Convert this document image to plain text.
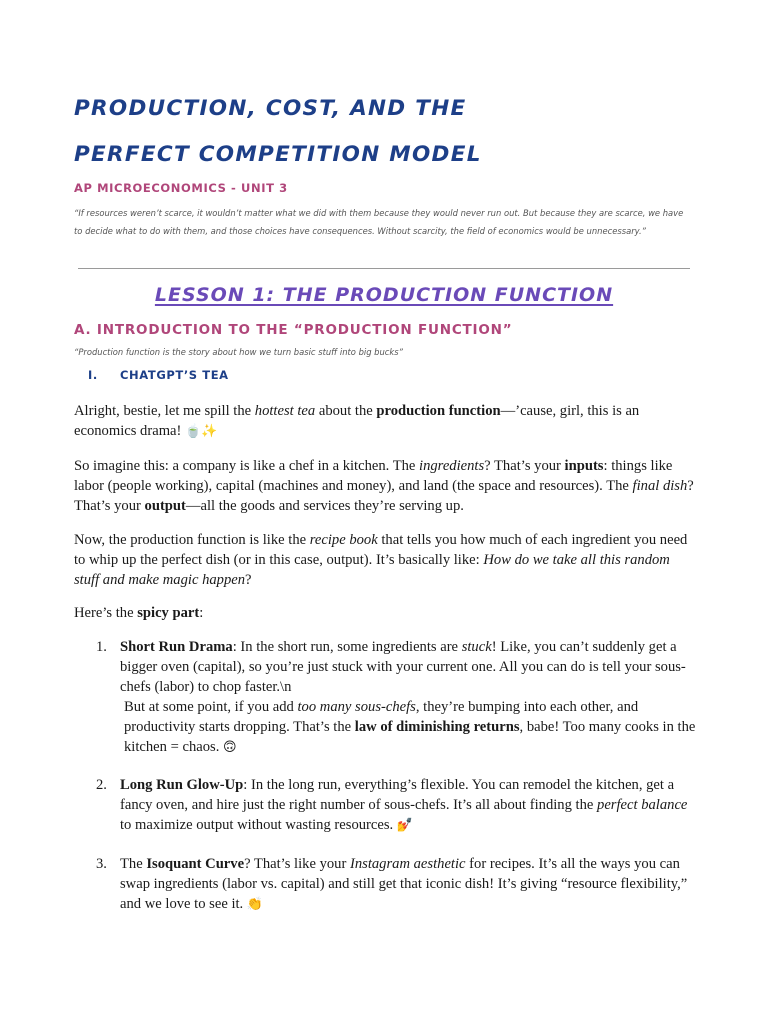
PRODUCTION, COST, AND THE
PERFECT COMPETITION MODEL

AP MICROECONOMICS - UNIT 3

“If resources weren’t scarce, it wouldn’t matter what we did with them because they would never run out. But because they are scarce, we have to decide what to do with them, and those choices have consequences. Without scarcity, the field of economics would be unnecessary.”

LESSON 1: THE PRODUCTION FUNCTION
A. INTRODUCTION TO THE “PRODUCTION FUNCTION”

“Production function is the story about how we turn basic stuff into big bucks”

I. CHATGPT’S TEA

Alright, bestie, let me spill the hottest tea about the production function—’cause, girl, this is an economics drama! 🍵✨

So imagine this: a company is like a chef in a kitchen. The ingredients? That’s your inputs: things like labor (people working), capital (machines and money), and land (the space and resources). The final dish? That’s your output—all the goods and services they’re serving up.

Now, the production function is like the recipe book that tells you how much of each ingredient you need to whip up the perfect dish (or in this case, output). It’s basically like: How do we take all this random stuff and make magic happen?

Here’s the spicy part:

1. Short Run Drama: In the short run, some ingredients are stuck! Like, you can’t suddenly get a bigger oven (capital), so you’re just stuck with your current one. All you can do is tell your sous-chefs (labor) to chop faster.\n
But at some point, if you add too many sous-chefs, they’re bumping into each other, and productivity starts dropping. That’s the law of diminishing returns, babe! Too many cooks in the kitchen = chaos. 🙃

2. Long Run Glow-Up: In the long run, everything’s flexible. You can remodel the kitchen, get a fancy oven, and hire just the right number of sous-chefs. It’s all about finding the perfect balance to maximize output without wasting resources. 💅

3. The Isoquant Curve? That’s like your Instagram aesthetic for recipes. It’s all the ways you can swap ingredients (labor vs. capital) and still get that iconic dish! It’s giving “resource flexibility,” and we love to see it. 👏
